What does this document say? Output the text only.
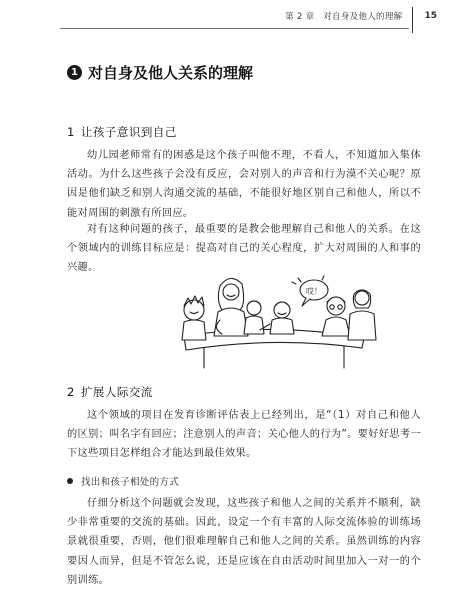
第 2 章　对自身及他人的理解 15
1 对自身及他人关系的理解
1 让孩子意识到自己

幼儿园老师常有的困惑是这个孩子叫他不理，不看人，不知道加入集体活动。为什么这些孩子会没有反应，会对别人的声音和行为漠不关心呢？原因是他们缺乏和别人沟通交流的基础，不能很好地区别自己和他人，所以不能对周围的刺激有所回应。

对有这种问题的孩子，最重要的是教会他理解自己和他人的关系。在这个领域内的训练目标应是：提高对自己的关心程度，扩大对周围的人和事的兴趣。

哎！
2 扩展人际交流

这个领域的项目在发育诊断评估表上已经列出，是“（1）对自己和他人的区别；叫名字有回应；注意别人的声音；关心他人的行为”。要好好思考一下这些项目怎样组合才能达到最佳效果。

找出和孩子相处的方式

仔细分析这个问题就会发现，这些孩子和他人之间的关系并不顺利，缺少非常重要的交流的基础。因此，设定一个有丰富的人际交流体验的训练场景就很重要，否则，他们很难理解自己和他人之间的关系。虽然训练的内容要因人而异，但是不管怎么说，还是应该在自由活动时间里加入一对一的个别训练。
